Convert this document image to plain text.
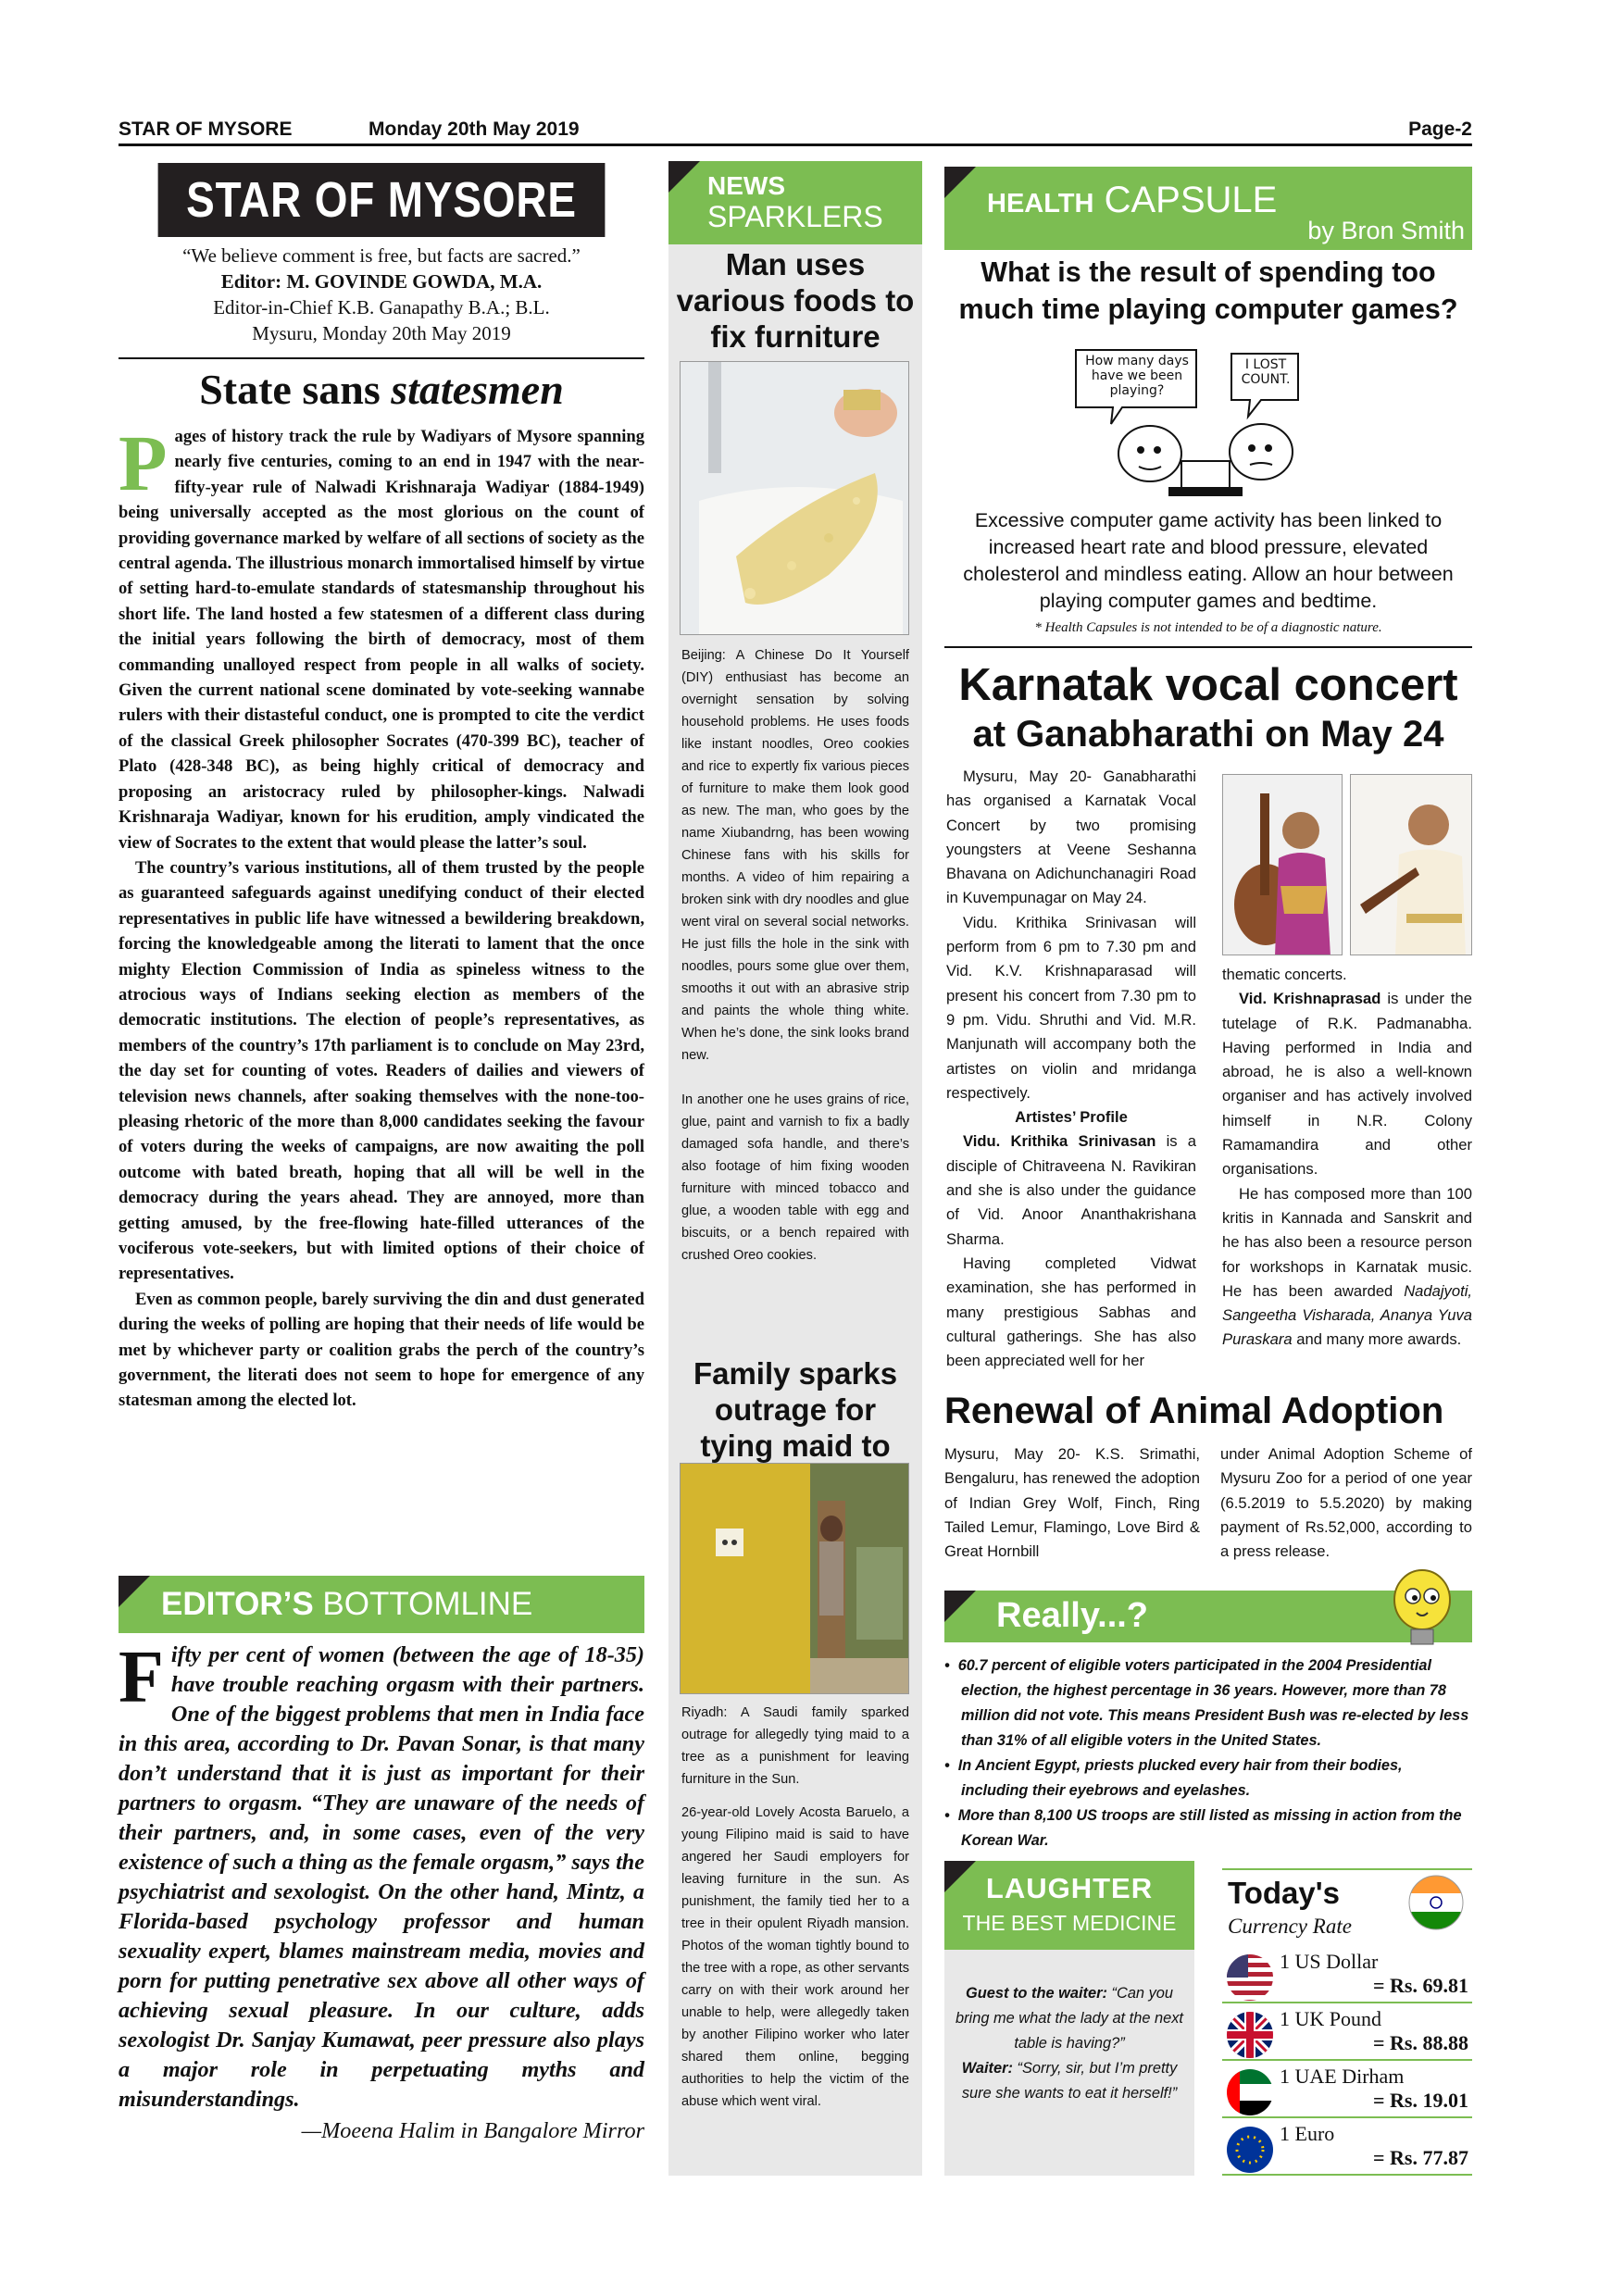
STAR OF MYSORE	Monday 20th May 2019	Page-2
STAR OF MYSORE
“We believe comment is free, but facts are sacred.”
Editor: M. GOVINDE GOWDA, M.A.
Editor-in-Chief K.B. Ganapathy B.A.; B.L.
Mysuru, Monday 20th May 2019
State sans statesmen

Pages of history track the rule by Wadiyars of Mysore spanning nearly five centuries, coming to an end in 1947 with the near-fifty-year rule of Nalwadi Krishnaraja Wadiyar (1884-1949) being universally accepted as the most glorious on the count of providing governance marked by welfare of all sections of society as the central agenda. The illustrious monarch immortalised himself by virtue of setting hard-to-emulate standards of statesmanship throughout his short life. The land hosted a few statesmen of a different class during the initial years following the birth of democracy, most of them commanding unalloyed respect from people in all walks of society. Given the current national scene dominated by vote-seeking wannabe rulers with their distasteful conduct, one is prompted to cite the verdict of the classical Greek philosopher Socrates (470-399 BC), teacher of Plato (428-348 BC), as being highly critical of democracy and proposing an aristocracy ruled by philosopher-kings. Nalwadi Krishnaraja Wadiyar, known for his erudition, amply vindicated the view of Socrates to the extent that would please the latter’s soul.

The country’s various institutions, all of them trusted by the people as guaranteed safeguards against unedifying conduct of their elected representatives in public life have witnessed a bewildering breakdown, forcing the knowledgeable among the literati to lament that the once mighty Election Commission of India as spineless witness to the atrocious ways of Indians seeking election as members of the democratic institutions. The election of people’s representatives, as members of the country’s 17th parliament is to conclude on May 23rd, the day set for counting of votes. Readers of dailies and viewers of television news channels, after soaking themselves with the none-too-pleasing rhetoric of the more than 8,000 candidates seeking the favour of voters during the weeks of campaigns, are now awaiting the poll outcome with bated breath, hoping that all will be well in the democracy during the years ahead. They are annoyed, more than getting amused, by the free-flowing hate-filled utterances of the vociferous vote-seekers, but with limited options of their choice of representatives.

Even as common people, barely surviving the din and dust generated during the weeks of polling are hoping that their needs of life would be met by whichever party or coalition grabs the perch of the country’s government, the literati does not seem to hope for emergence of any statesman among the elected lot.

EDITOR’S BOTTOMLINE
Fifty per cent of women (between the age of 18-35) have trouble reaching orgasm with their partners. One of the biggest problems that men in India face in this area, according to Dr. Pavan Sonar, is that many don’t understand that it is just as important for their partners to orgasm. “They are unaware of the needs of their partners, and, in some cases, even of the very existence of such a thing as the female orgasm,” says the psychiatrist and sexologist. On the other hand, Mintz, a Florida-based psychology professor and human sexuality expert, blames mainstream media, movies and porn for putting penetrative sex above all other ways of achieving sexual pleasure. In our culture, adds sexologist Dr. Sanjay Kumawat, peer pressure also plays a major role in perpetuating myths and misunderstandings.
—Moeena Halim in Bangalore Mirror
NEWS
SPARKLERS
Man uses various foods to fix furniture

Beijing: A Chinese Do It Yourself (DIY) enthusiast has become an overnight sensation by solving household problems. He uses foods like instant noodles, Oreo cookies and rice to expertly fix various pieces of furniture to make them look good as new. The man, who goes by the name Xiubandrng, has been wowing Chinese fans with his skills for months. A video of him repairing a broken sink with dry noodles and glue went viral on several social networks. He just fills the hole in the sink with noodles, pours some glue over them, smooths it out with an abrasive strip and paints the whole thing white. When he’s done, the sink looks brand new.

In another one he uses grains of rice, glue, paint and varnish to fix a badly damaged sofa handle, and there’s also footage of him fixing wooden furniture with minced tobacco and glue, a wooden table with egg and biscuits, or a bench repaired with crushed Oreo cookies.

Family sparks outrage for tying maid to

Riyadh: A Saudi family sparked outrage for allegedly tying maid to a tree as a punishment for leaving furniture in the Sun.

26-year-old Lovely Acosta Baruelo, a young Filipino maid is said to have angered her Saudi employers for leaving furniture in the sun. As punishment, the family tied her to a tree in their opulent Riyadh mansion. Photos of the woman tightly bound to the tree with a rope, as other servants carry on with their work around her unable to help, were allegedly taken by another Filipino worker who later shared them online, begging authorities to help the victim of the abuse which went viral.

HEALTH CAPSULE
by Bron Smith
What is the result of spending too much time playing computer games?
How many days have we been playing?
I LOST COUNT.
Excessive computer game activity has been linked to increased heart rate and blood pressure, elevated cholesterol and mindless eating. Allow an hour between playing computer games and bedtime.
* Health Capsules is not intended to be of a diagnostic nature.
Karnatak vocal concert
at Ganabharathi on May 24

Mysuru, May 20- Ganabharathi has organised a Karnatak Vocal Concert by two promising youngsters at Veene Seshanna Bhavana on Adichunchanagiri Road in Kuvempunagar on May 24.

Vidu. Krithika Srinivasan will perform from 6 pm to 7.30 pm and Vid. K.V. Krishnaparasad will present his concert from 7.30 pm to 9 pm. Vidu. Shruthi and Vid. M.R. Manjunath will accompany both the artistes on violin and mridanga respectively.

Artistes’ Profile

Vidu. Krithika Srinivasan is a disciple of Chitraveena N. Ravikiran and she is also under the guidance of Vid. Anoor Ananthakrishana Sharma.

Having completed Vidwat examination, she has performed in many prestigious Sabhas and cultural gatherings. She has also been appreciated well for her

thematic concerts.

Vid. Krishnaprasad is under the tutelage of R.K. Padmanabha. Having performed in India and abroad, he is also a well-known organiser and has actively involved himself in N.R. Colony Ramamandira and other organisations.

He has composed more than 100 kritis in Kannada and Sanskrit and he has also been a resource person for workshops in Karnatak music. He has been awarded Nadajyoti, Sangeetha Visharada, Ananya Yuva Puraskara and many more awards.

Renewal of Animal Adoption
Mysuru, May 20- K.S. Srimathi, Bengaluru, has renewed the adoption of Indian Grey Wolf, Finch, Ring Tailed Lemur, Flamingo, Love Bird & Great Hornbill
under Animal Adoption Scheme of Mysuru Zoo for a period of one year (6.5.2019 to 5.5.2020) by making payment of Rs.52,000, according to a press release.
Really...?
•  60.7 percent of eligible voters participated in the 2004 Presidential election, the highest percentage in 36 years. However, more than 78 million did not vote. This means President Bush was re-elected by less than 31% of all eligible voters in the United States.
•  In Ancient Egypt, priests plucked every hair from their bodies, including their eyebrows and eyelashes.
•  More than 8,100 US troops are still listed as missing in action from the Korean War.
LAUGHTER
THE BEST MEDICINE
Guest to the waiter: “Can you bring me what the lady at the next table is having?”
Waiter: “Sorry, sir, but I’m pretty sure she wants to eat it herself!”
Today's
Currency Rate
1 US Dollar
= Rs. 69.81
1 UK Pound
= Rs. 88.88
1 UAE Dirham
= Rs. 19.01
1 Euro
= Rs. 77.87
